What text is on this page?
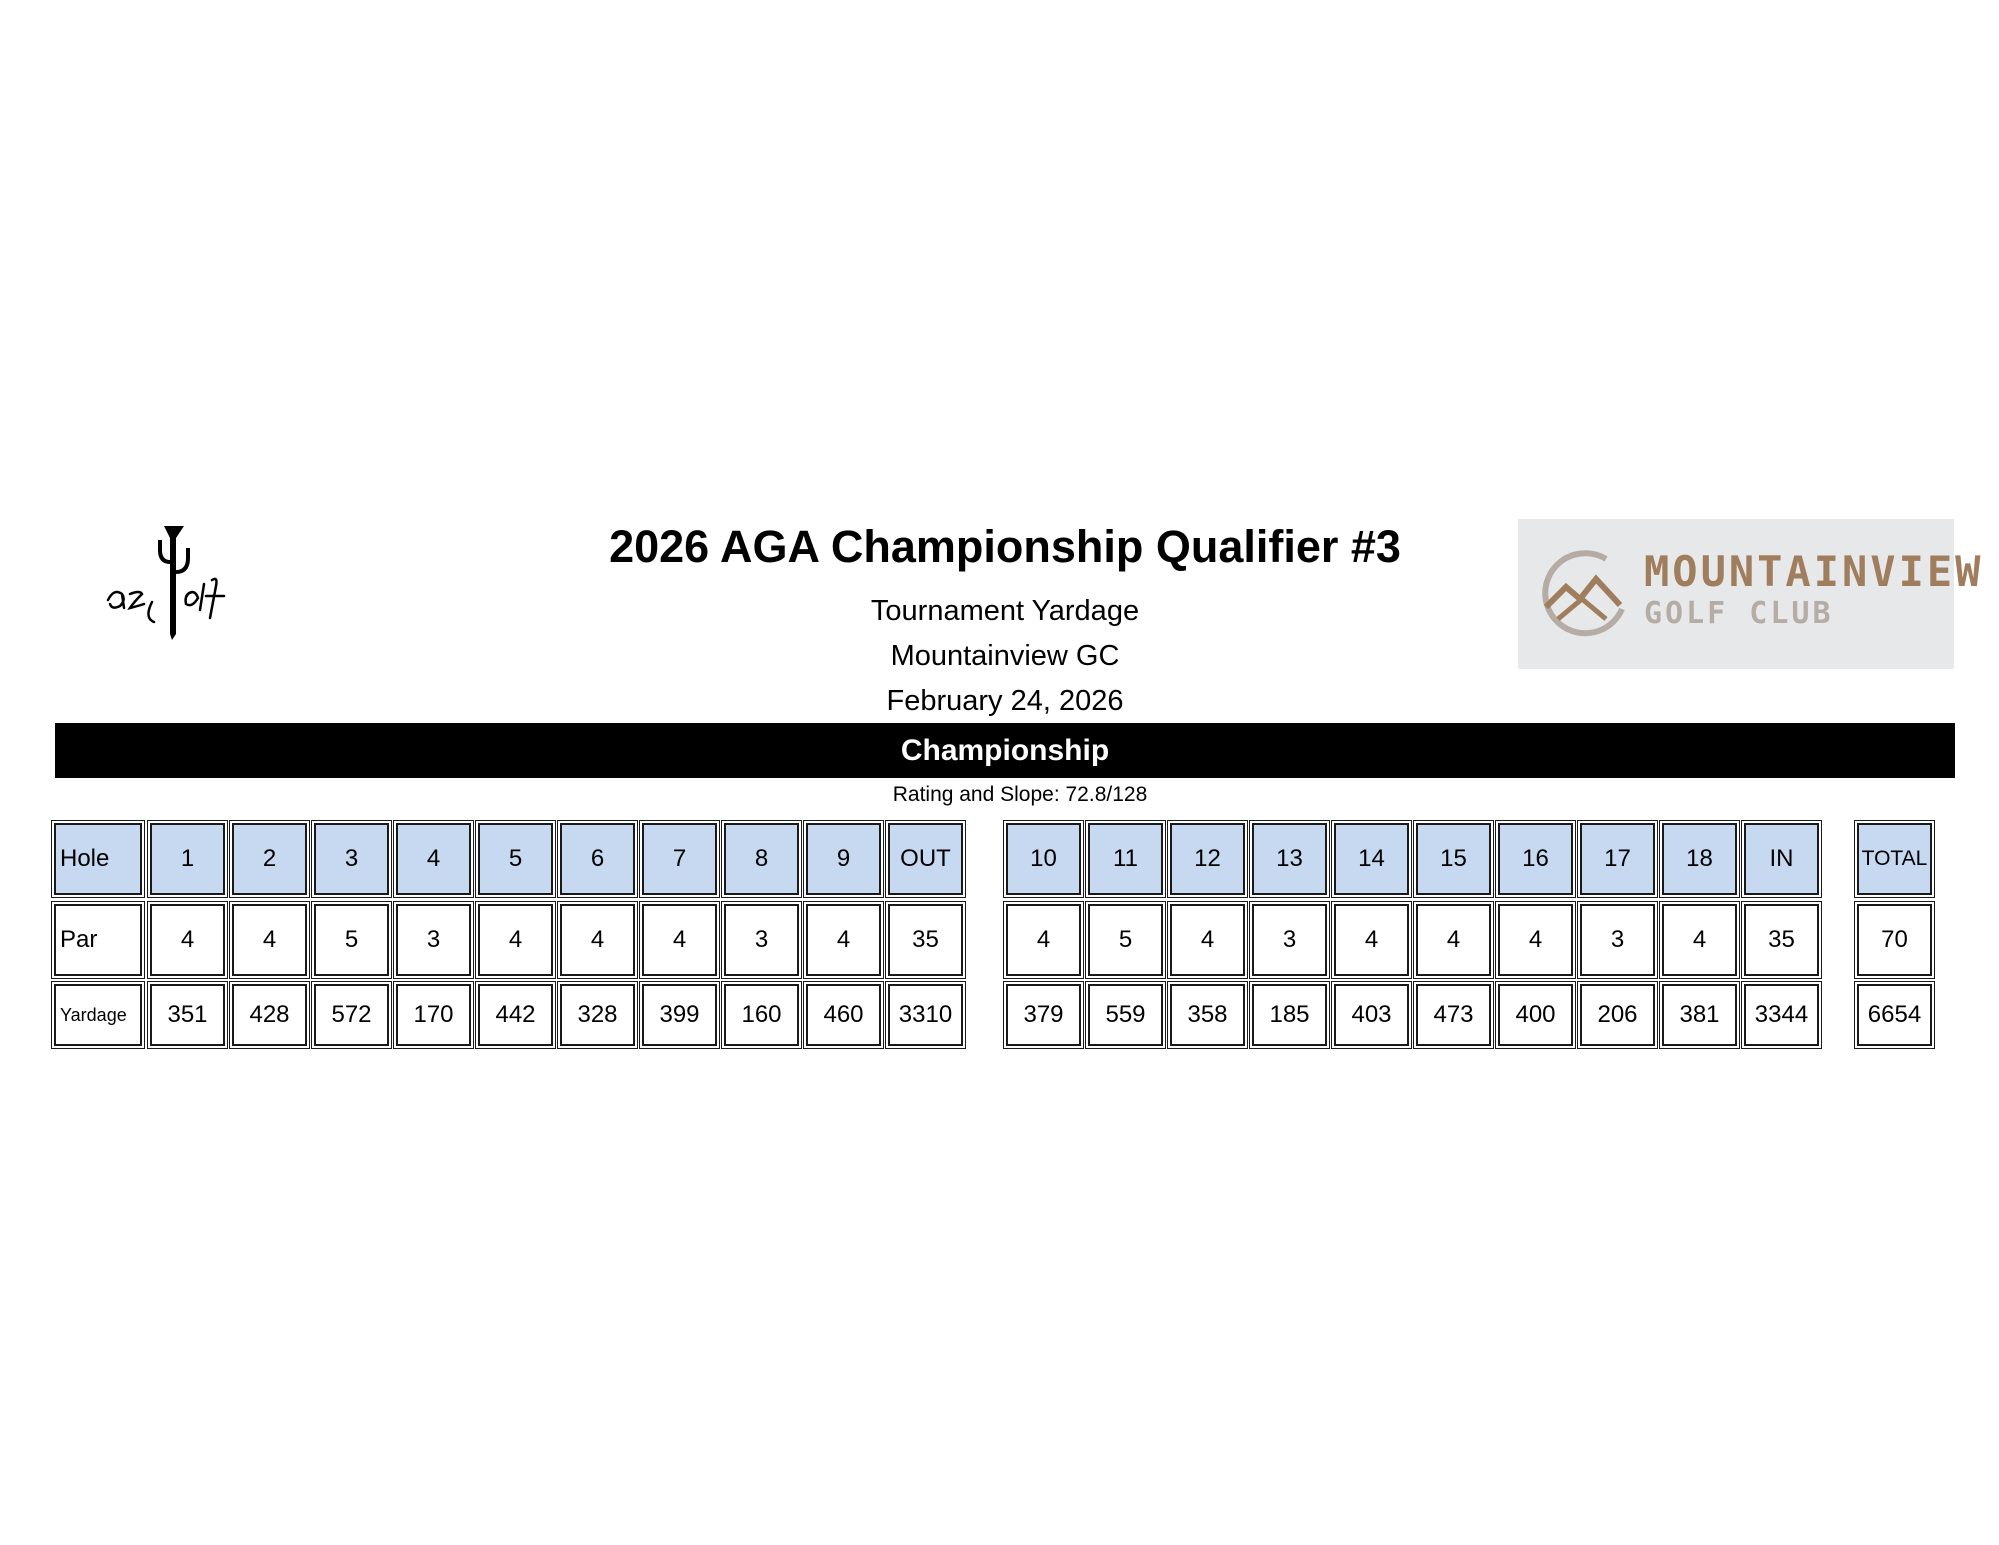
MOUNTAINVIEW
GOLF CLUB
2026 AGA Championship Qualifier #3
Tournament Yardage
Mountainview GC
February 24, 2026
Championship
Rating and Slope: 72.8/128
Hole	1	2	3	4	5	6	7	8	9	OUT	10	11	12	13	14	15	16	17	18	IN	TOTAL
Par	4	4	5	3	4	4	4	3	4	35	4	5	4	3	4	4	4	3	4	35	70
Yardage	351	428	572	170	442	328	399	160	460	3310	379	559	358	185	403	473	400	206	381	3344	6654
